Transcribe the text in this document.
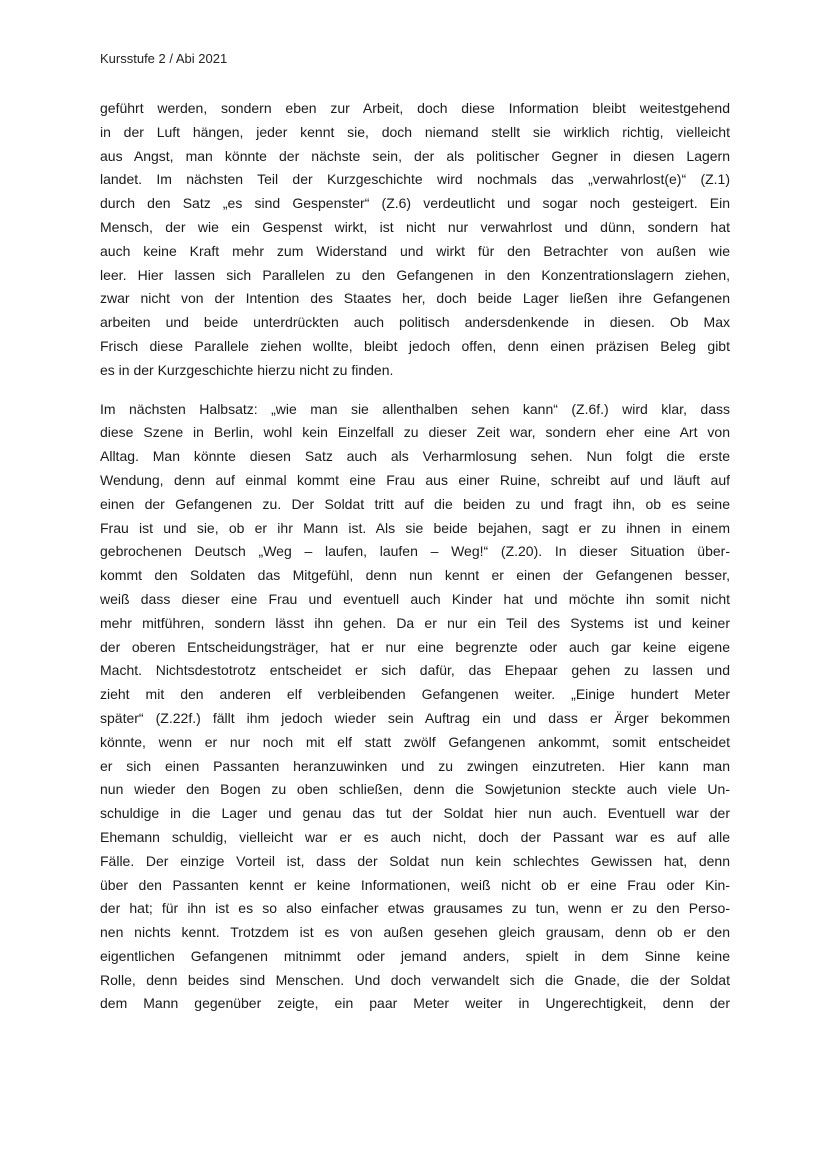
Kursstufe 2 / Abi 2021
geführt werden, sondern eben zur Arbeit, doch diese Information bleibt weitestgehend
in der Luft hängen, jeder kennt sie, doch niemand stellt sie wirklich richtig, vielleicht
aus Angst, man könnte der nächste sein, der als politischer Gegner in diesen Lagern
landet. Im nächsten Teil der Kurzgeschichte wird nochmals das „verwahrlost(e)“ (Z.1)
durch den Satz „es sind Gespenster“ (Z.6) verdeutlicht und sogar noch gesteigert. Ein
Mensch, der wie ein Gespenst wirkt, ist nicht nur verwahrlost und dünn, sondern hat
auch keine Kraft mehr zum Widerstand und wirkt für den Betrachter von außen wie
leer. Hier lassen sich Parallelen zu den Gefangenen in den Konzentrationslagern ziehen,
zwar nicht von der Intention des Staates her, doch beide Lager ließen ihre Gefangenen
arbeiten und beide unterdrückten auch politisch andersdenkende in diesen. Ob Max
Frisch diese Parallele ziehen wollte, bleibt jedoch offen, denn einen präzisen Beleg gibt
es in der Kurzgeschichte hierzu nicht zu finden.
Im nächsten Halbsatz: „wie man sie allenthalben sehen kann“ (Z.6f.) wird klar, dass
diese Szene in Berlin, wohl kein Einzelfall zu dieser Zeit war, sondern eher eine Art von
Alltag. Man könnte diesen Satz auch als Verharmlosung sehen. Nun folgt die erste
Wendung, denn auf einmal kommt eine Frau aus einer Ruine, schreibt auf und läuft auf
einen der Gefangenen zu. Der Soldat tritt auf die beiden zu und fragt ihn, ob es seine
Frau ist und sie, ob er ihr Mann ist. Als sie beide bejahen, sagt er zu ihnen in einem
gebrochenen Deutsch „Weg – laufen, laufen – Weg!“ (Z.20). In dieser Situation über-
kommt den Soldaten das Mitgefühl, denn nun kennt er einen der Gefangenen besser,
weiß dass dieser eine Frau und eventuell auch Kinder hat und möchte ihn somit nicht
mehr mitführen, sondern lässt ihn gehen. Da er nur ein Teil des Systems ist und keiner
der oberen Entscheidungsträger, hat er nur eine begrenzte oder auch gar keine eigene
Macht. Nichtsdestotrotz entscheidet er sich dafür, das Ehepaar gehen zu lassen und
zieht mit den anderen elf verbleibenden Gefangenen weiter. „Einige hundert Meter
später“ (Z.22f.) fällt ihm jedoch wieder sein Auftrag ein und dass er Ärger bekommen
könnte, wenn er nur noch mit elf statt zwölf Gefangenen ankommt, somit entscheidet
er sich einen Passanten heranzuwinken und zu zwingen einzutreten. Hier kann man
nun wieder den Bogen zu oben schließen, denn die Sowjetunion steckte auch viele Un-
schuldige in die Lager und genau das tut der Soldat hier nun auch. Eventuell war der
Ehemann schuldig, vielleicht war er es auch nicht, doch der Passant war es auf alle
Fälle. Der einzige Vorteil ist, dass der Soldat nun kein schlechtes Gewissen hat, denn
über den Passanten kennt er keine Informationen, weiß nicht ob er eine Frau oder Kin-
der hat; für ihn ist es so also einfacher etwas grausames zu tun, wenn er zu den Perso-
nen nichts kennt. Trotzdem ist es von außen gesehen gleich grausam, denn ob er den
eigentlichen Gefangenen mitnimmt oder jemand anders, spielt in dem Sinne keine
Rolle, denn beides sind Menschen. Und doch verwandelt sich die Gnade, die der Soldat
dem Mann gegenüber zeigte, ein paar Meter weiter in Ungerechtigkeit, denn der
